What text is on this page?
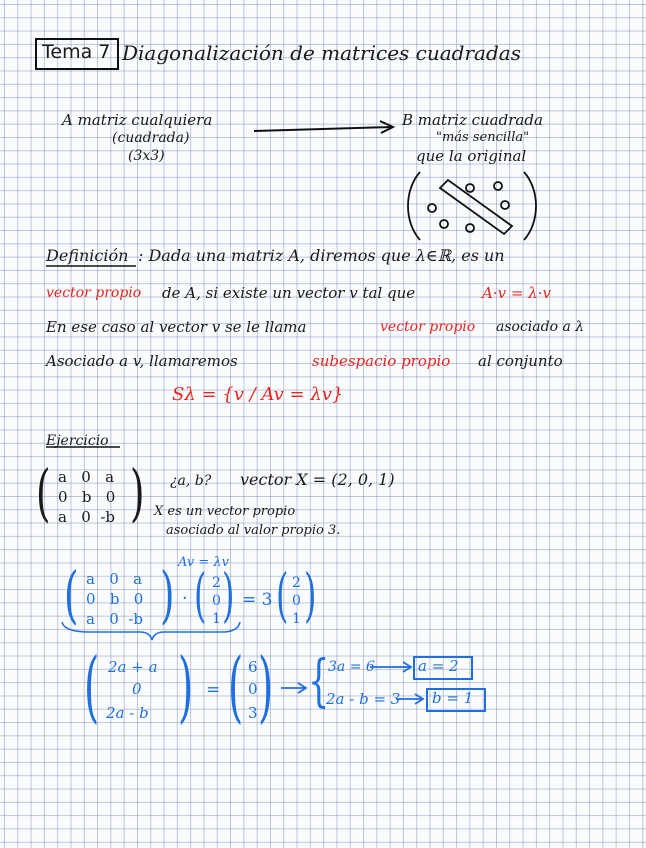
Tema 7 Diagonalización de matrices cuadradas
A matriz cualquiera
(cuadrada)
(3x3)
B matriz cuadrada
"más sencilla"
que la original
Definición : Dada una matriz A, diremos que λ∈ℝ, es un
vector propio de A, si existe un vector v tal que	A·v = λ·v
En ese caso al vector v se le llama	vector propio asociado a λ
Asociado a v, llamaremos	subespacio propio al conjunto
Sλ = {v / Av = λv}
Ejercicio
( a   0   a
0   b   0
a   0  -b ) ¿a, b? vector X = (2, 0, 1)
X es un vector propio
asociado al valor propio 3.
Av = λv
( a   0   a
0   b   0
a   0  -b ) · ( 2
0
1 ) = 3 ( 2
0
1 )
( 2a + a
0
2a - b ) = ( 6
0
3 ) {
3a = 6
2a - b = 3
a = 2
b = 1
